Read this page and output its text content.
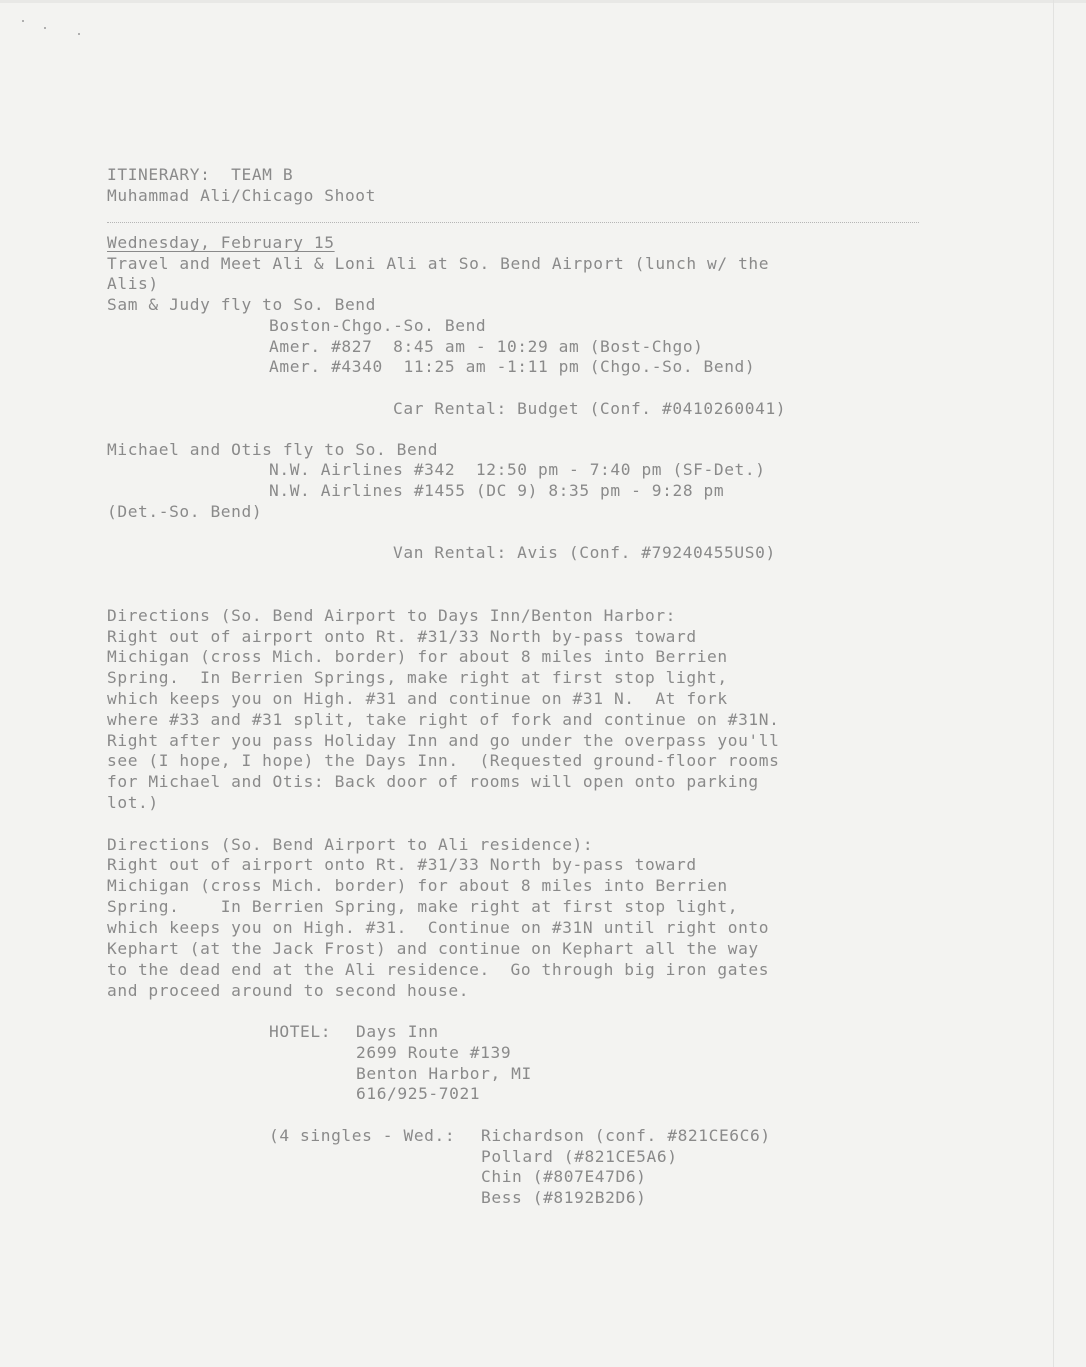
ITINERARY:  TEAM B
Muhammad Ali/Chicago Shoot
Wednesday, February 15
Travel and Meet Ali & Loni Ali at So. Bend Airport (lunch w/ the
Alis)
Sam & Judy fly to So. Bend
Boston-Chgo.-So. Bend
Amer. #827  8:45 am - 10:29 am (Bost-Chgo)
Amer. #4340  11:25 am -1:11 pm (Chgo.-So. Bend)
Car Rental: Budget (Conf. #0410260041)
Michael and Otis fly to So. Bend
N.W. Airlines #342  12:50 pm - 7:40 pm (SF-Det.)
N.W. Airlines #1455 (DC 9) 8:35 pm - 9:28 pm
(Det.-So. Bend)
Van Rental: Avis (Conf. #79240455US0)
Directions (So. Bend Airport to Days Inn/Benton Harbor:
Right out of airport onto Rt. #31/33 North by-pass toward
Michigan (cross Mich. border) for about 8 miles into Berrien
Spring.  In Berrien Springs, make right at first stop light,
which keeps you on High. #31 and continue on #31 N.  At fork
where #33 and #31 split, take right of fork and continue on #31N.
Right after you pass Holiday Inn and go under the overpass you'll
see (I hope, I hope) the Days Inn.  (Requested ground-floor rooms
for Michael and Otis: Back door of rooms will open onto parking
lot.)
Directions (So. Bend Airport to Ali residence):
Right out of airport onto Rt. #31/33 North by-pass toward
Michigan (cross Mich. border) for about 8 miles into Berrien
Spring.    In Berrien Spring, make right at first stop light,
which keeps you on High. #31.  Continue on #31N until right onto
Kephart (at the Jack Frost) and continue on Kephart all the way
to the dead end at the Ali residence.  Go through big iron gates
and proceed around to second house.
HOTEL: Days Inn
2699 Route #139
Benton Harbor, MI
616/925-7021
(4 singles - Wed.: Richardson (conf. #821CE6C6)
Pollard (#821CE5A6)
Chin (#807E47D6)
Bess (#8192B2D6)
